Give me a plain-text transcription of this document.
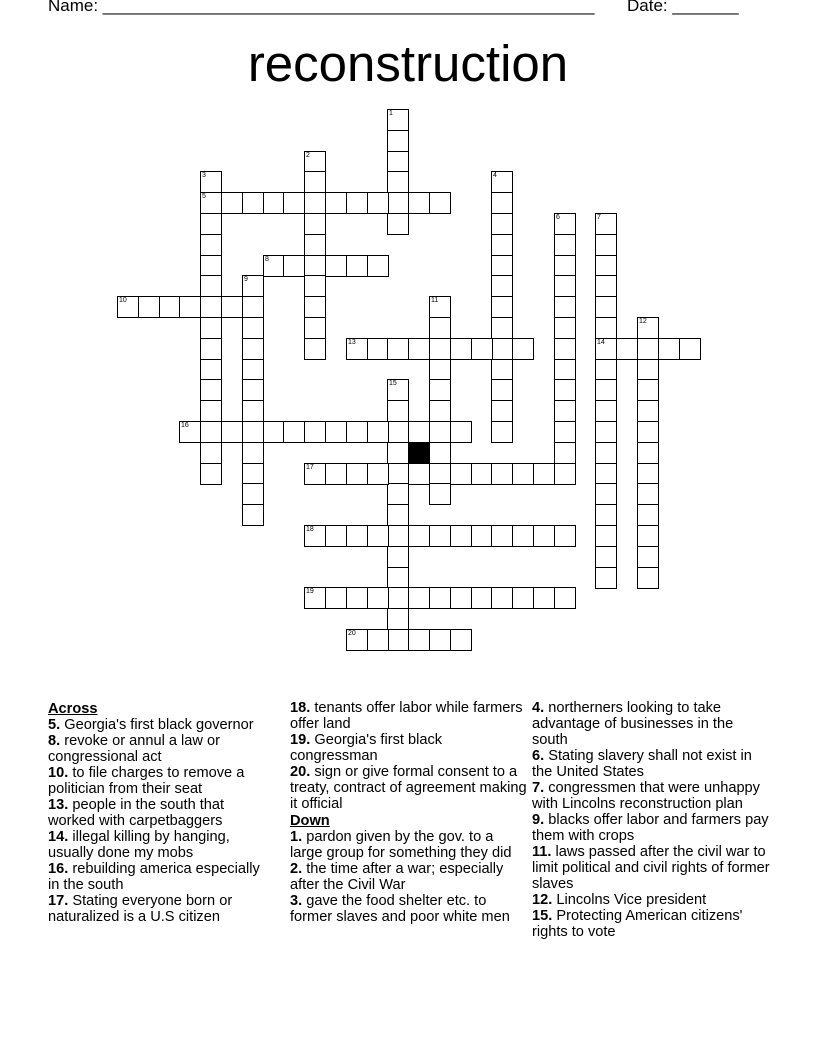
Name: ____________________________________________________ Date: _______
reconstruction
1
2
3
5
4
6	7
14
8
9
10	11
12
13
15
16
17
18
19
20
Across

5. Georgia's first black governor

8. revoke or annul a law or congressional act

10. to file charges to remove a politician from their seat

13. people in the south that worked with carpetbaggers

14. illegal killing by hanging, usually done my mobs

16. rebuilding america especially in the south

17. Stating everyone born or naturalized is a U.S citizen

18. tenants offer labor while farmers offer land

19. Georgia's first black congressman

20. sign or give formal consent to a treaty, contract of agreement making it official

Down

1. pardon given by the gov. to a large group for something they did

2. the time after a war; especially after the Civil War

3. gave the food shelter etc. to former slaves and poor white men

4. northerners looking to take advantage of businesses in the south

6. Stating slavery shall not exist in the United States

7. congressmen that were unhappy with Lincolns reconstruction plan

9. blacks offer labor and farmers pay them with crops

11. laws passed after the civil war to limit political and civil rights of former slaves

12. Lincolns Vice president

15. Protecting American citizens' rights to vote
